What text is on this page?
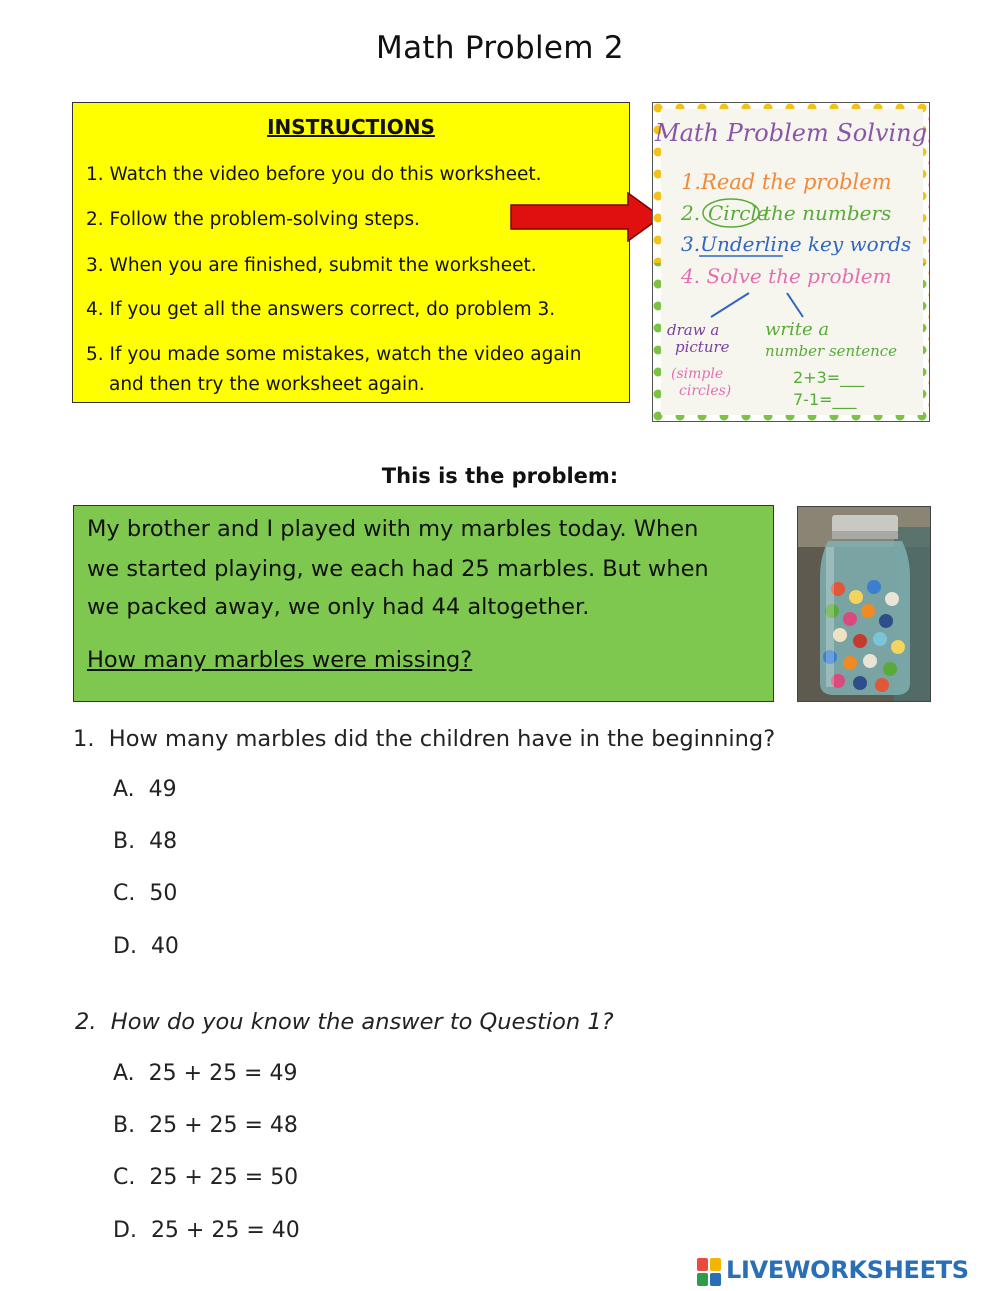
Math Problem 2
INSTRUCTIONS
1. Watch the video before you do this worksheet.
2. Follow the problem-solving steps.
3. When you are finished, submit the worksheet.
4. If you get all the answers correct, do problem 3.
5. If you made some mistakes, watch the video again
and then try the worksheet again.
Math Problem Solving
1.Read the problem
2. Circle
the numbers
3.Underline key words
4. Solve the problem
draw a
picture
(simple
circles)
write a
number sentence
2+3=___
7-1=___
This is the problem:
My brother and I played with my marbles today. When
we started playing, we each had 25 marbles. But when
we packed away, we only had 44 altogether.
How many marbles were missing?
1. How many marbles did the children have in the beginning?
A. 49
B. 48
C. 50
D. 40
2. How do you know the answer to Question 1?
A. 25 + 25 = 49
B. 25 + 25 = 48
C. 25 + 25 = 50
D. 25 + 25 = 40
LIVEWORKSHEETS
